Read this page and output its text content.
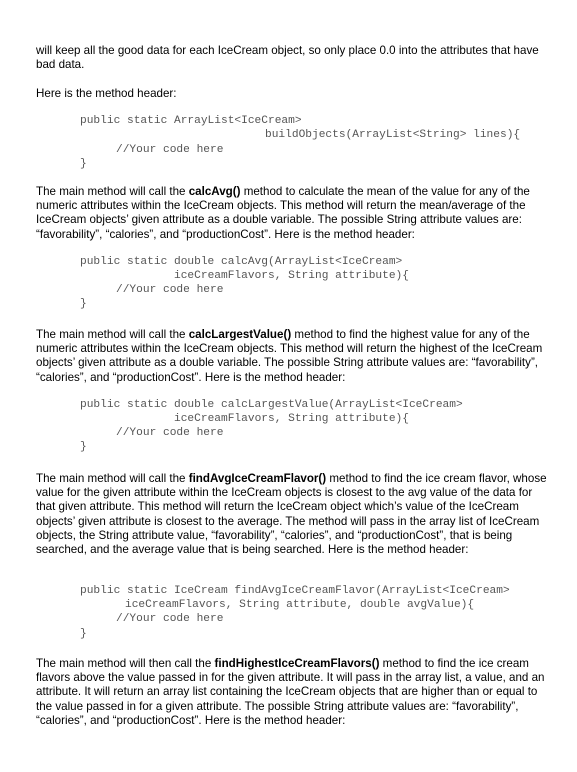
will keep all the good data for each IceCream object, so only place 0.0 into the attributes that have bad data.

Here is the method header:

public static ArrayList<IceCream>
buildObjects(ArrayList<String> lines){
//Your code here
}

The main method will call the calcAvg() method to calculate the mean of the value for any of the numeric attributes within the IceCream objects. This method will return the mean/average of the IceCream objects’ given attribute as a double variable. The possible String attribute values are: “favorability”, “calories”, and “productionCost”. Here is the method header:

public static double calcAvg(ArrayList<IceCream>
iceCreamFlavors, String attribute){
//Your code here
}

The main method will call the calcLargestValue() method to find the highest value for any of the numeric attributes within the IceCream objects. This method will return the highest of the IceCream objects’ given attribute as a double variable. The possible String attribute values are: “favorability”, “calories”, and “productionCost”. Here is the method header:

public static double calcLargestValue(ArrayList<IceCream>
iceCreamFlavors, String attribute){
//Your code here
}

The main method will call the findAvgIceCreamFlavor() method to find the ice cream flavor, whose value for the given attribute within the IceCream objects is closest to the avg value of the data for that given attribute. This method will return the IceCream object which’s value of the IceCream objects’ given attribute is closest to the average. The method will pass in the array list of IceCream objects, the String attribute value, “favorability”, “calories”, and “productionCost”, that is being searched, and the average value that is being searched. Here is the method header:

public static IceCream findAvgIceCreamFlavor(ArrayList<IceCream>
iceCreamFlavors, String attribute, double avgValue){
//Your code here
}

The main method will then call the findHighestIceCreamFlavors() method to find the ice cream flavors above the value passed in for the given attribute. It will pass in the array list, a value, and an attribute. It will return an array list containing the IceCream objects that are higher than or equal to the value passed in for a given attribute. The possible String attribute values are: “favorability”, “calories”, and “productionCost”. Here is the method header:
